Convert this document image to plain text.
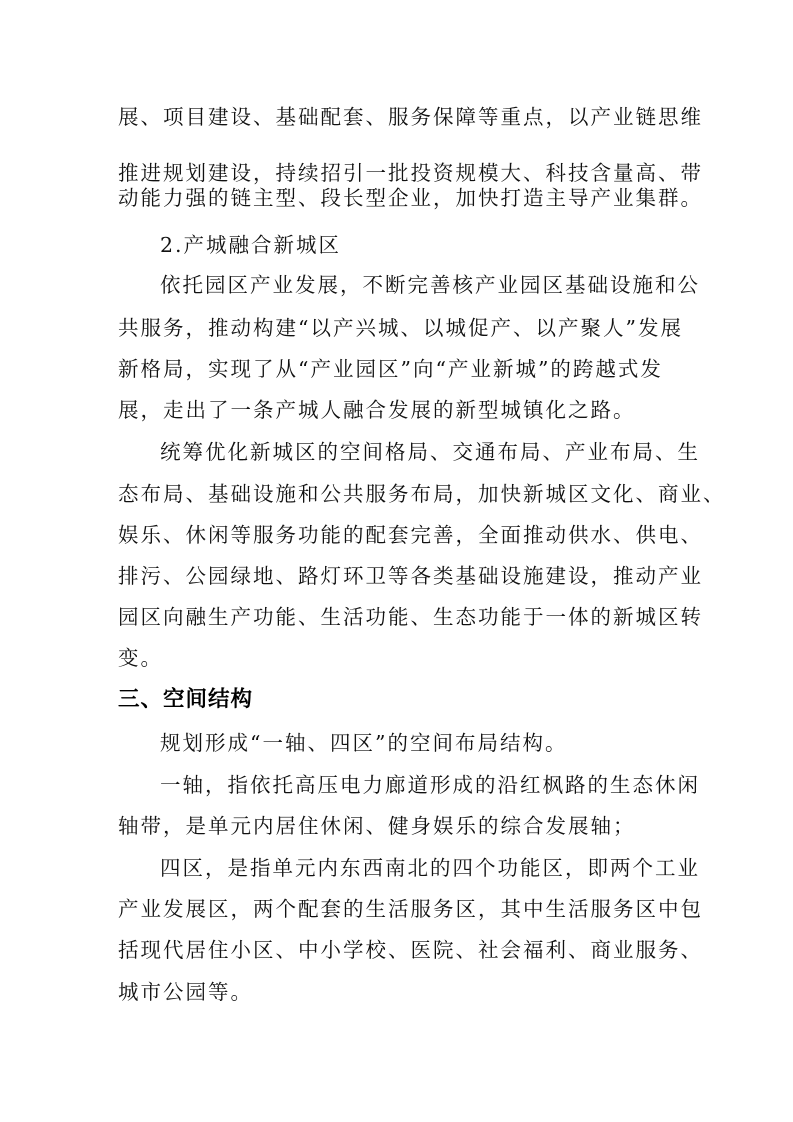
展、项目建设、基础配套、服务保障等重点，以产业链思维
推进规划建设，持续招引一批投资规模大、科技含量高、带
动能力强的链主型、段长型企业，加快打造主导产业集群。
2.产城融合新城区
依托园区产业发展，不断完善核产业园区基础设施和公
共服务，推动构建“以产兴城、以城促产、以产聚人”发展
新格局，实现了从“产业园区”向“产业新城”的跨越式发
展，走出了一条产城人融合发展的新型城镇化之路。
统筹优化新城区的空间格局、交通布局、产业布局、生
态布局、基础设施和公共服务布局，加快新城区文化、商业、
娱乐、休闲等服务功能的配套完善，全面推动供水、供电、
排污、公园绿地、路灯环卫等各类基础设施建设，推动产业
园区向融生产功能、生活功能、生态功能于一体的新城区转
变。
三、空间结构
规划形成“一轴、四区”的空间布局结构。
一轴，指依托高压电力廊道形成的沿红枫路的生态休闲
轴带，是单元内居住休闲、健身娱乐的综合发展轴；
四区，是指单元内东西南北的四个功能区，即两个工业
产业发展区，两个配套的生活服务区，其中生活服务区中包
括现代居住小区、中小学校、医院、社会福利、商业服务、
城市公园等。
